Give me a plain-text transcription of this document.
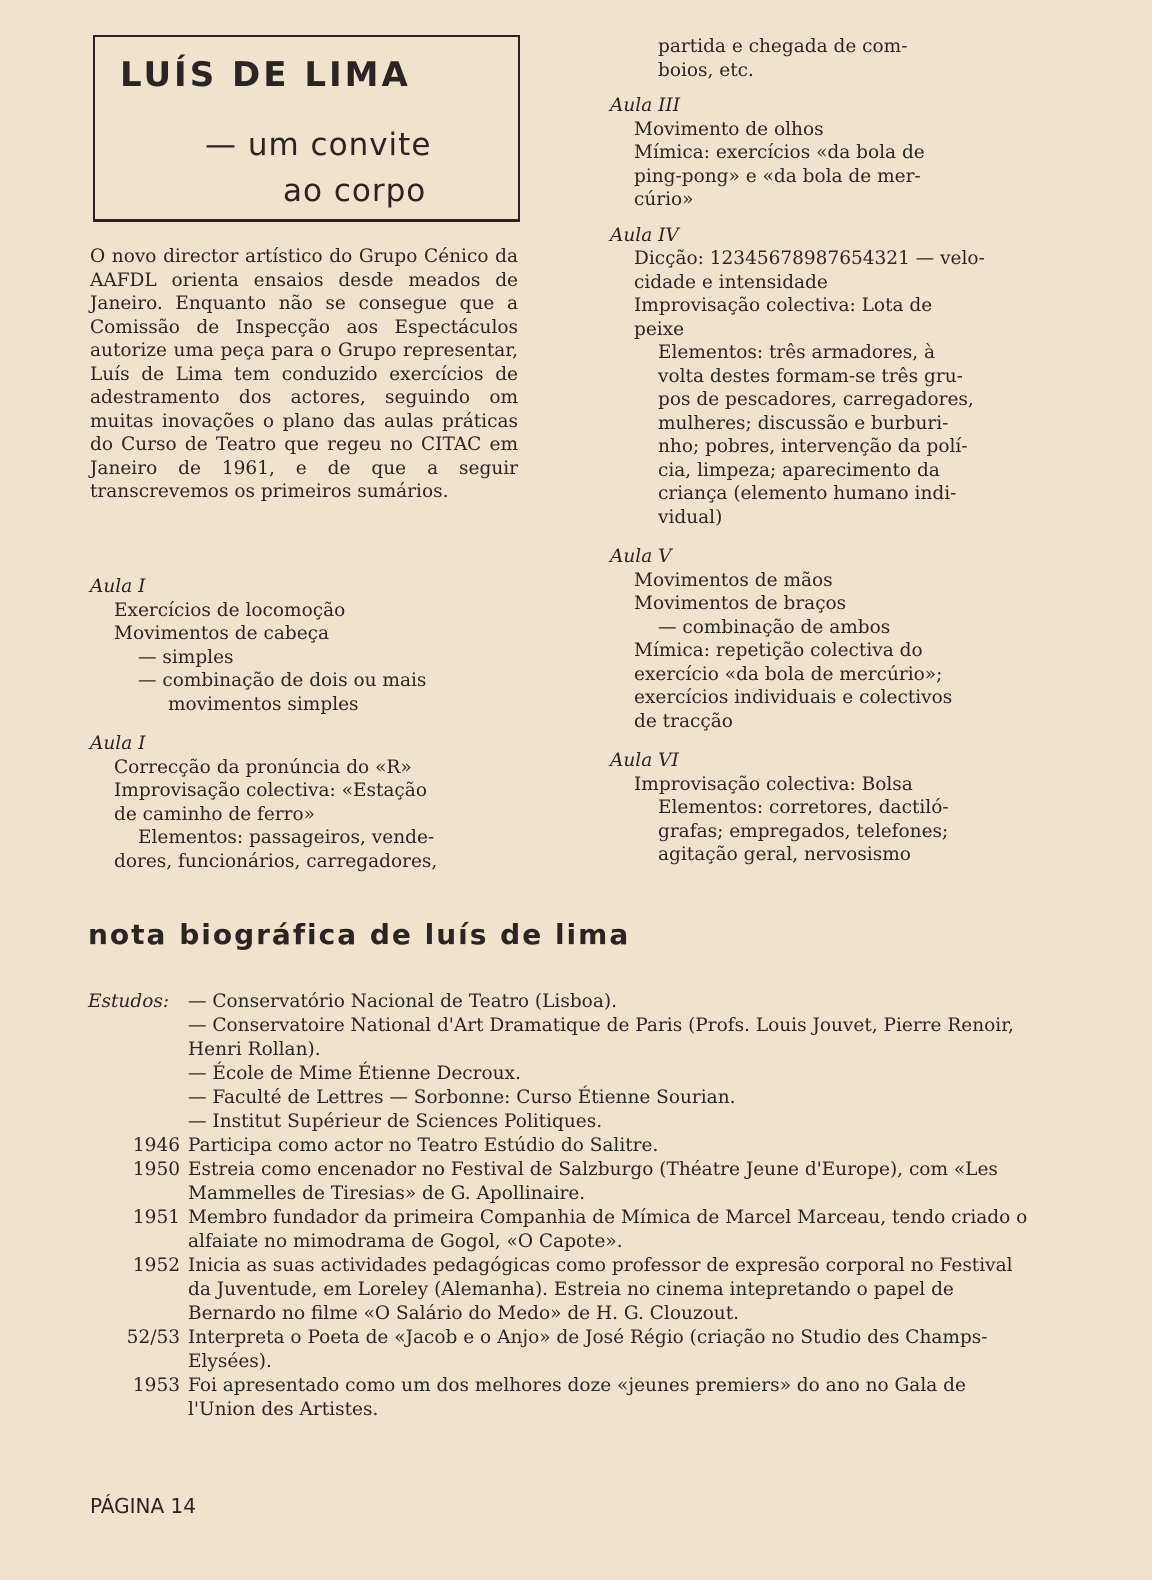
LUÍS DE LIMA
— um convite
ao corpo
O novo director artístico do Grupo Cénico da AAFDL orienta ensaios desde meados de Janeiro. Enquanto não se consegue que a Comissão de Inspecção aos Espectáculos autorize uma peça para o Grupo representar, Luís de Lima tem conduzido exercícios de adestramento dos actores, seguindo om muitas inovações o plano das aulas práticas do Curso de Teatro que regeu no CITAC em Janeiro de 1961, e de que a seguir transcrevemos os primeiros sumários.
Aula I
Exercícios de locomoção
Movimentos de cabeça
— simples
— combinação de dois ou mais
movimentos simples
Aula I
Correcção da pronúncia do «R»
Improvisação colectiva: «Estação
de caminho de ferro»
Elementos: passageiros, vende-
dores, funcionários, carregadores,
partida e chegada de com-
boios, etc.
Aula III
Movimento de olhos
Mímica: exercícios «da bola de
ping-pong» e «da bola de mer-
cúrio»
Aula IV
Dicção: 12345678987654321 — velo-
cidade e intensidade
Improvisação colectiva: Lota de
peixe
Elementos: três armadores, à
volta destes formam-se três gru-
pos de pescadores, carregadores,
mulheres; discussão e burburi-
nho; pobres, intervenção da polí-
cia, limpeza; aparecimento da
criança (elemento humano indi-
vidual)
Aula V
Movimentos de mãos
Movimentos de braços
— combinação de ambos
Mímica: repetição colectiva do
exercício «da bola de mercúrio»;
exercícios individuais e colectivos
de tracção
Aula VI
Improvisação colectiva: Bolsa
Elementos: corretores, dactiló-
grafas; empregados, telefones;
agitação geral, nervosismo
nota biográfica de luís de lima
Estudos:	— Conservatório Nacional de Teatro (Lisboa).
— Conservatoire National d'Art Dramatique de Paris (Profs. Louis Jouvet, Pierre Renoir, Henri Rollan).
— École de Mime Étienne Decroux.
— Faculté de Lettres — Sorbonne: Curso Étienne Sourian.
— Institut Supérieur de Sciences Politiques.
1946 Participa como actor no Teatro Estúdio do Salitre.
1950 Estreia como encenador no Festival de Salzburgo (Théatre Jeune d'Europe), com «Les Mammelles de Tiresias» de G. Apollinaire.
1951 Membro fundador da primeira Companhia de Mímica de Marcel Marceau, tendo criado o alfaiate no mimodrama de Gogol, «O Capote».
1952 Inicia as suas actividades pedagógicas como professor de expresão corporal no Festival da Juventude, em Loreley (Alemanha). Estreia no cinema intepretando o papel de Bernardo no filme «O Salário do Medo» de H. G. Clouzout.
52/53 Interpreta o Poeta de «Jacob e o Anjo» de José Régio (criação no Studio des Champs-Elysées).
1953 Foi apresentado como um dos melhores doze «jeunes premiers» do ano no Gala de l'Union des Artistes.
PÁGINA 14
